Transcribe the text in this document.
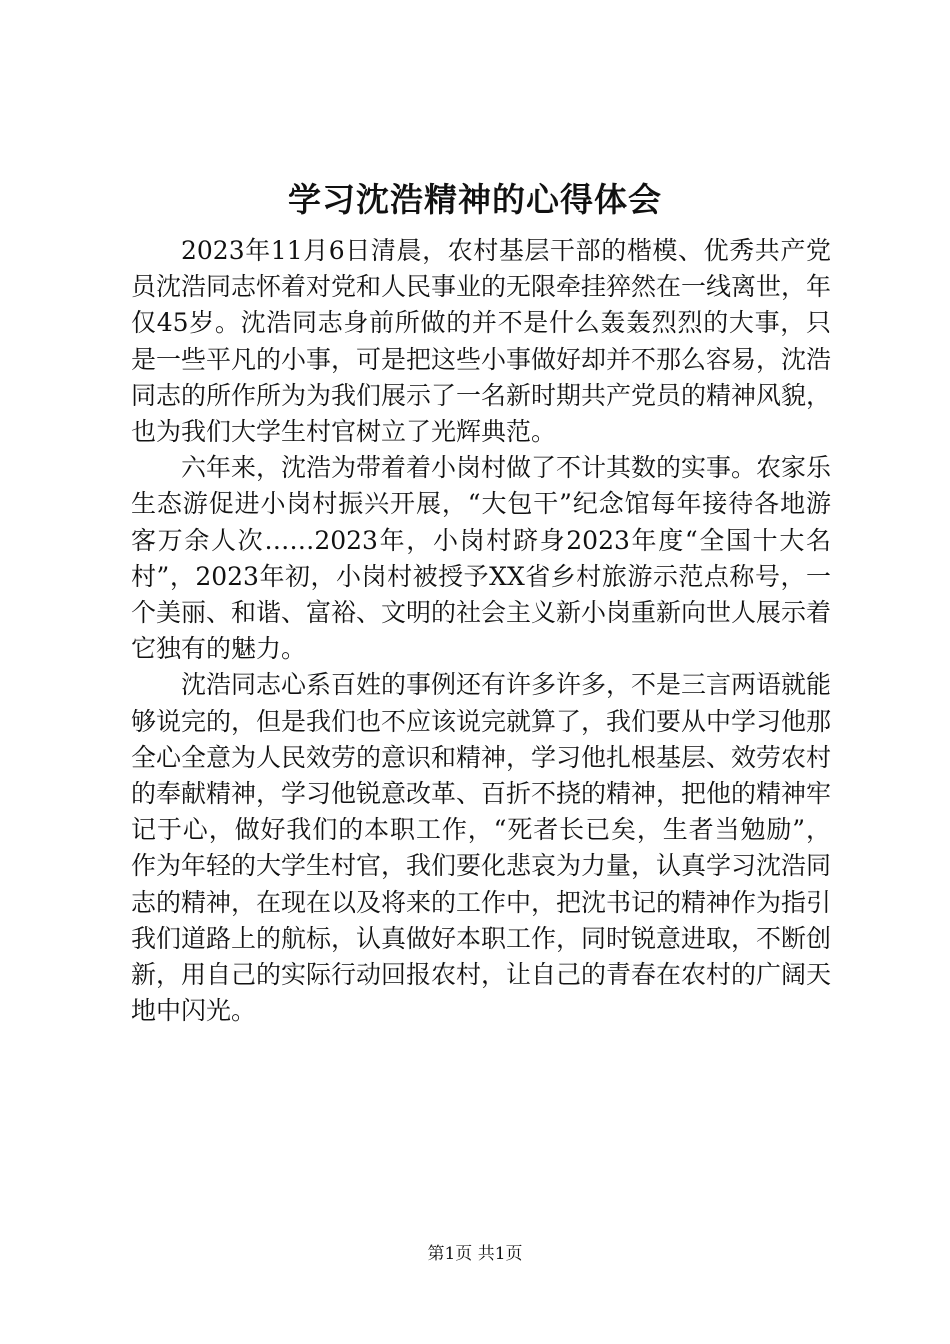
学习沈浩精神的心得体会

2023年11月6日清晨，农村基层干部的楷模、优秀共产党员沈浩同志怀着对党和人民事业的无限牵挂猝然在一线离世，年仅45岁。沈浩同志身前所做的并不是什么轰轰烈烈的大事，只是一些平凡的小事，可是把这些小事做好却并不那么容易，沈浩同志的所作所为为我们展示了一名新时期共产党员的精神风貌，也为我们大学生村官树立了光辉典范。

六年来，沈浩为带着着小岗村做了不计其数的实事。农家乐生态游促进小岗村振兴开展，“大包干”纪念馆每年接待各地游客万余人次……2023年，小岗村跻身2023年度“全国十大名村”，2023年初，小岗村被授予XX省乡村旅游示范点称号，一个美丽、和谐、富裕、文明的社会主义新小岗重新向世人展示着它独有的魅力。

沈浩同志心系百姓的事例还有许多许多，不是三言两语就能够说完的，但是我们也不应该说完就算了，我们要从中学习他那全心全意为人民效劳的意识和精神，学习他扎根基层、效劳农村的奉献精神，学习他锐意改革、百折不挠的精神，把他的精神牢记于心，做好我们的本职工作，“死者长已矣，生者当勉励”，作为年轻的大学生村官，我们要化悲哀为力量，认真学习沈浩同志的精神，在现在以及将来的工作中，把沈书记的精神作为指引我们道路上的航标，认真做好本职工作，同时锐意进取，不断创新，用自己的实际行动回报农村，让自己的青春在农村的广阔天地中闪光。

第1页 共1页
